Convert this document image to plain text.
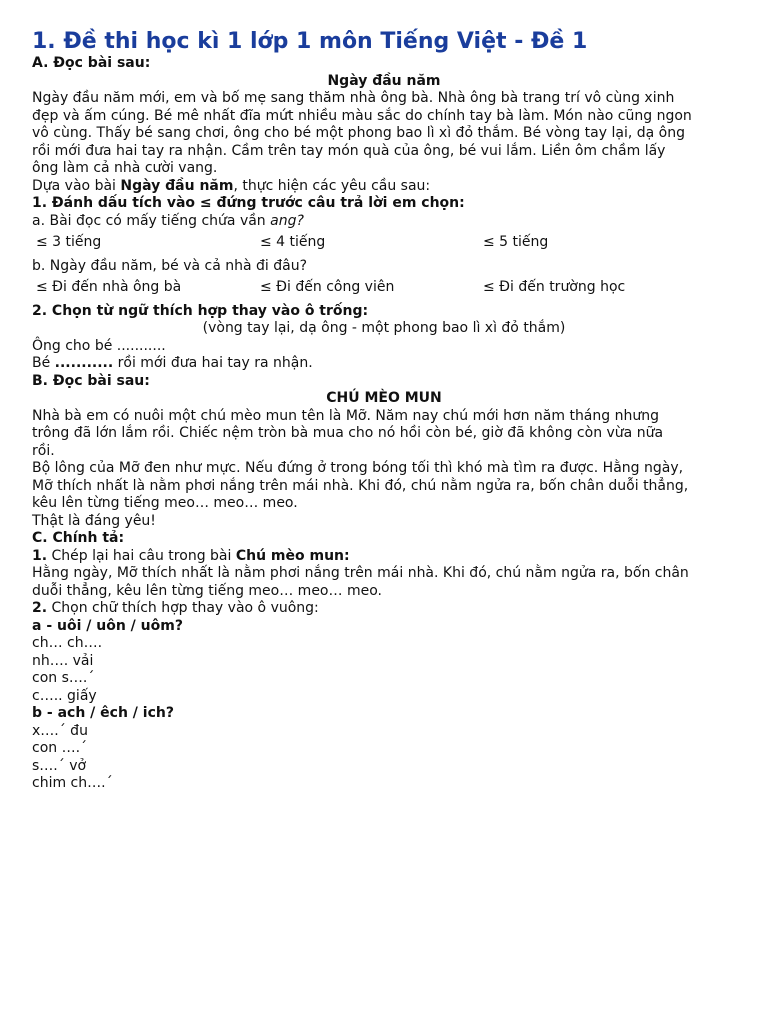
1. Đề thi học kì 1 lớp 1 môn Tiếng Việt - Đề 1
A. Đọc bài sau:
Ngày đầu năm
Ngày đầu năm mới, em và bố mẹ sang thăm nhà ông bà. Nhà ông bà trang trí vô cùng xinh
đẹp và ấm cúng. Bé mê nhất đĩa mứt nhiều màu sắc do chính tay bà làm. Món nào cũng ngon
vô cùng. Thấy bé sang chơi, ông cho bé một phong bao lì xì đỏ thắm. Bé vòng tay lại, dạ ông
rồi mới đưa hai tay ra nhận. Cầm trên tay món quà của ông, bé vui lắm. Liền ôm chầm lấy
ông làm cả nhà cười vang.
Dựa vào bài Ngày đầu năm, thực hiện các yêu cầu sau:
1. Đánh dấu tích vào ≤ đứng trước câu trả lời em chọn:
a. Bài đọc có mấy tiếng chứa vần ang?
≤ 3 tiếng	≤ 4 tiếng	≤ 5 tiếng
b. Ngày đầu năm, bé và cả nhà đi đâu?
≤ Đi đến nhà ông bà	≤ Đi đến công viên	≤ Đi đến trường học
2. Chọn từ ngữ thích hợp thay vào ô trống:
(vòng tay lại, dạ ông - một phong bao lì xì đỏ thắm)
Ông cho bé ...........
Bé ........... rồi mới đưa hai tay ra nhận.
B. Đọc bài sau:
CHÚ MÈO MUN
Nhà bà em có nuôi một chú mèo mun tên là Mỡ. Năm nay chú mới hơn năm tháng nhưng
trông đã lớn lắm rồi. Chiếc nệm tròn bà mua cho nó hồi còn bé, giờ đã không còn vừa nữa
rồi.
Bộ lông của Mỡ đen như mực. Nếu đứng ở trong bóng tối thì khó mà tìm ra được. Hằng ngày,
Mỡ thích nhất là nằm phơi nắng trên mái nhà. Khi đó, chú nằm ngửa ra, bốn chân duỗi thẳng,
kêu lên từng tiếng meo… meo… meo.
Thật là đáng yêu!
C. Chính tả:
1. Chép lại hai câu trong bài Chú mèo mun:
Hằng ngày, Mỡ thích nhất là nằm phơi nắng trên mái nhà. Khi đó, chú nằm ngửa ra, bốn chân
duỗi thẳng, kêu lên từng tiếng meo… meo… meo.
2. Chọn chữ thích hợp thay vào ô vuông:
a - uôi / uôn / uôm?
ch… ch….
nh…. vải
con s….´
c….. giấy
b - ach / êch / ich?
x….´ đu
con ….´
s….´ vở
chim ch….´
